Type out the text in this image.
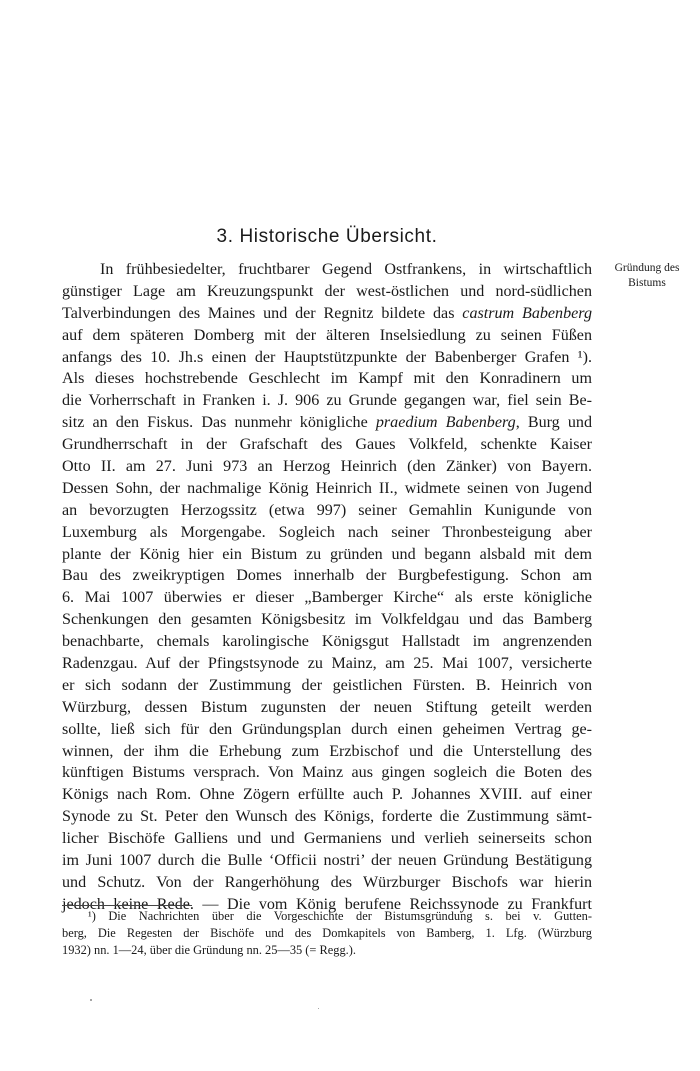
3. Historische Übersicht.
Gründung des
Bistums
In frühbesiedelter, fruchtbarer Gegend Ostfrankens, in wirtschaftlich
günstiger Lage am Kreuzungspunkt der west-östlichen und nord-südlichen
Talverbindungen des Maines und der Regnitz bildete das castrum Babenberg
auf dem späteren Domberg mit der älteren Inselsiedlung zu seinen Füßen
anfangs des 10. Jh.s einen der Hauptstützpunkte der Babenberger Grafen ¹).
Als dieses hochstrebende Geschlecht im Kampf mit den Konradinern um
die Vorherrschaft in Franken i. J. 906 zu Grunde gegangen war, fiel sein Be-
sitz an den Fiskus. Das nunmehr königliche praedium Babenberg, Burg und
Grundherrschaft in der Grafschaft des Gaues Volkfeld, schenkte Kaiser
Otto II. am 27. Juni 973 an Herzog Heinrich (den Zänker) von Bayern.
Dessen Sohn, der nachmalige König Heinrich II., widmete seinen von Jugend
an bevorzugten Herzogssitz (etwa 997) seiner Gemahlin Kunigunde von
Luxemburg als Morgengabe. Sogleich nach seiner Thronbesteigung aber
plante der König hier ein Bistum zu gründen und begann alsbald mit dem
Bau des zweikryptigen Domes innerhalb der Burgbefestigung. Schon am
6. Mai 1007 überwies er dieser „Bamberger Kirche“ als erste königliche
Schenkungen den gesamten Königsbesitz im Volkfeldgau und das Bamberg
benachbarte, chemals karolingische Königsgut Hallstadt im angrenzenden
Radenzgau. Auf der Pfingstsynode zu Mainz, am 25. Mai 1007, versicherte
er sich sodann der Zustimmung der geistlichen Fürsten. B. Heinrich von
Würzburg, dessen Bistum zugunsten der neuen Stiftung geteilt werden
sollte, ließ sich für den Gründungsplan durch einen geheimen Vertrag ge-
winnen, der ihm die Erhebung zum Erzbischof und die Unterstellung des
künftigen Bistums versprach. Von Mainz aus gingen sogleich die Boten des
Königs nach Rom. Ohne Zögern erfüllte auch P. Johannes XVIII. auf einer
Synode zu St. Peter den Wunsch des Königs, forderte die Zustimmung sämt-
licher Bischöfe Galliens und und Germaniens und verlieh seinerseits schon
im Juni 1007 durch die Bulle ‘Officii nostri’ der neuen Gründung Bestätigung
und Schutz. Von der Rangerhöhung des Würzburger Bischofs war hierin
jedoch keine Rede. — Die vom König berufene Reichssynode zu Frankfurt
¹) Die Nachrichten über die Vorgeschichte der Bistumsgründung s. bei v. Gutten-
berg, Die Regesten der Bischöfe und des Domkapitels von Bamberg, 1. Lfg. (Würzburg
1932) nn. 1—24, über die Gründung nn. 25—35 (= Regg.).
